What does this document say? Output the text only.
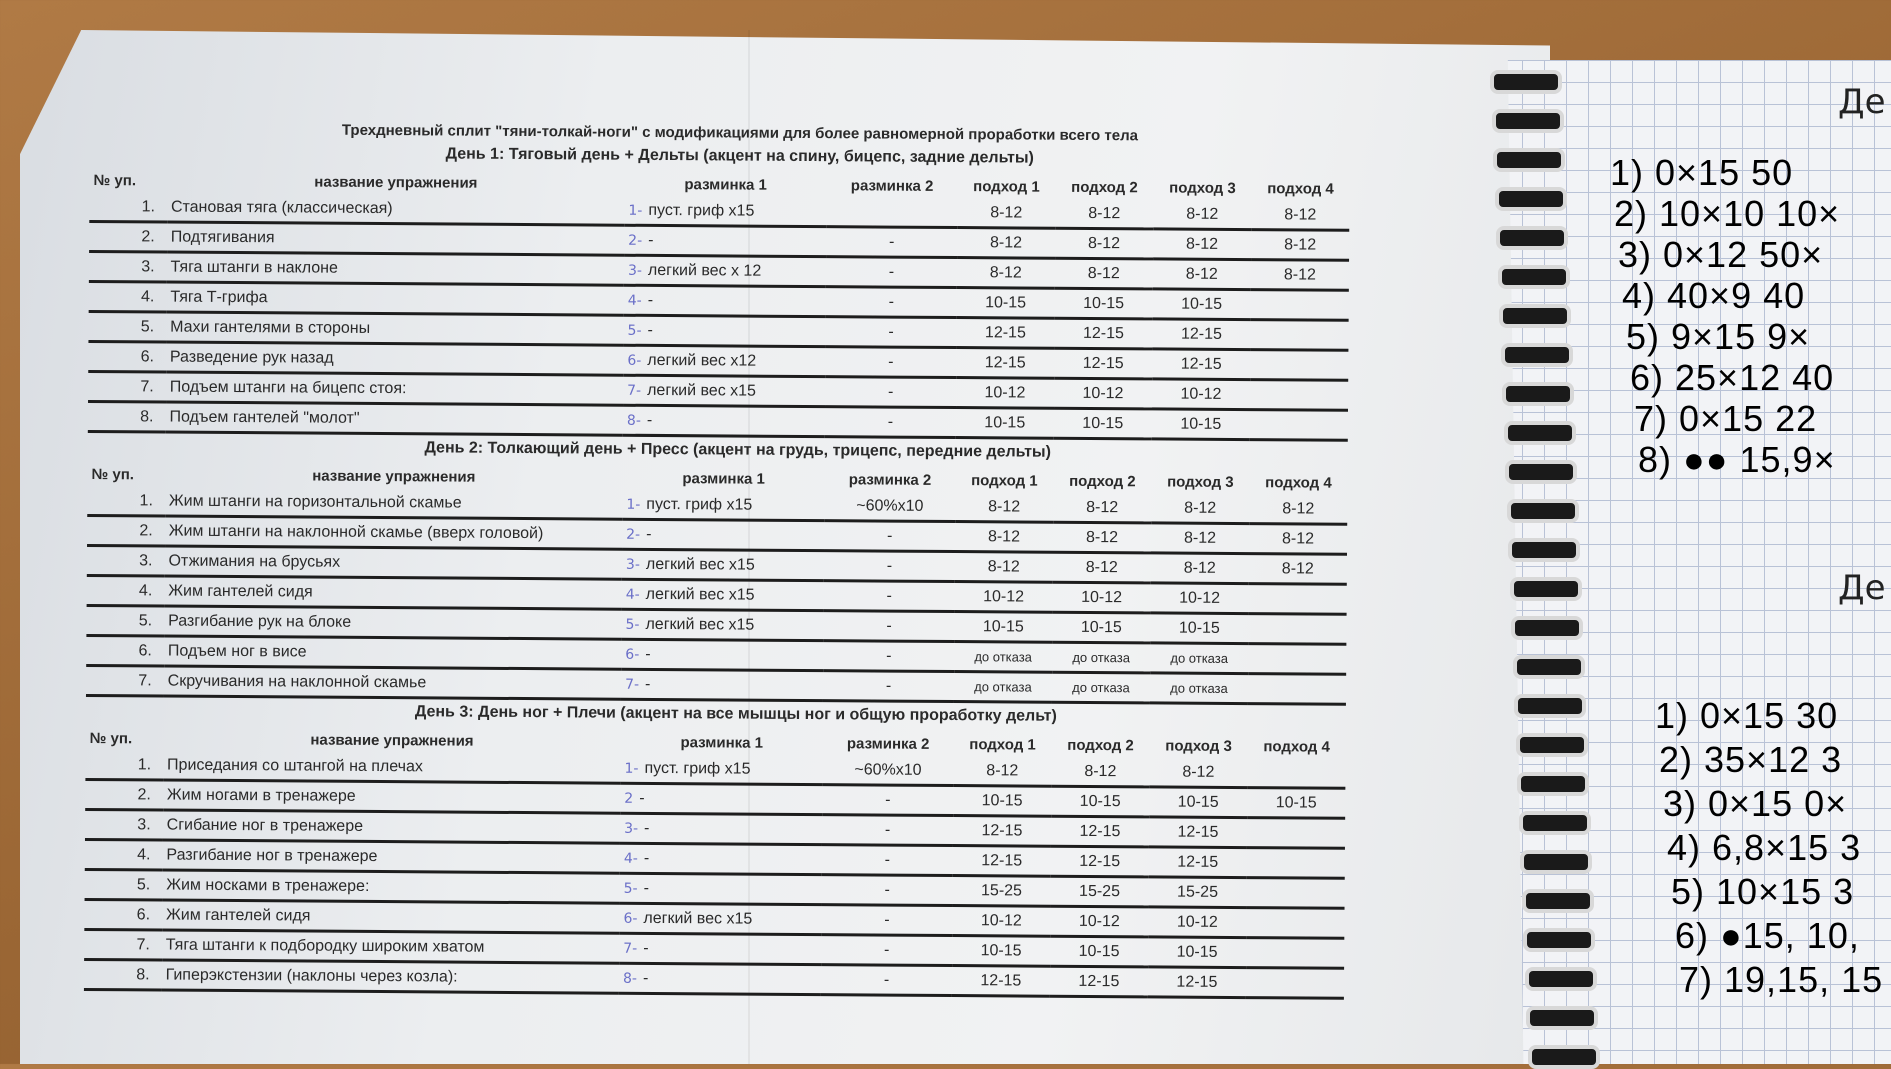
Трехдневный сплит "тяни-толкай-ноги" с модификациями для более равномерной проработки всего тела
День 1: Тяговый день + Дельты (акцент на спину, бицепс, задние дельты)
№ уп.	название упражнения	разминка 1	разминка 2	подход 1	подход 2	подход 3	подход 4
1.	Становая тяга (классическая)	1- пуст. гриф x15		8-12	8-12	8-12	8-12
2.	Подтягивания	2- -	-	8-12	8-12	8-12	8-12
3.	Тяга штанги в наклоне	3- легкий вес x 12	-	8-12	8-12	8-12	8-12
4.	Тяга Т-грифа	4- -	-	10-15	10-15	10-15	
5.	Махи гантелями в стороны	5- -	-	12-15	12-15	12-15	
6.	Разведение рук назад	6- легкий вес x12	-	12-15	12-15	12-15	
7.	Подъем штанги на бицепс стоя:	7- легкий вес x15	-	10-12	10-12	10-12	
8.	Подъем гантелей "молот"	8- -	-	10-15	10-15	10-15	
День 2: Толкающий день + Пресс (акцент на грудь, трицепс, передние дельты)
№ уп.	название упражнения	разминка 1	разминка 2	подход 1	подход 2	подход 3	подход 4
1.	Жим штанги на горизонтальной скамье	1- пуст. гриф x15	~60%x10	8-12	8-12	8-12	8-12
2.	Жим штанги на наклонной скамье (вверх головой)	2- -	-	8-12	8-12	8-12	8-12
3.	Отжимания на брусьях	3- легкий вес x15	-	8-12	8-12	8-12	8-12
4.	Жим гантелей сидя	4- легкий вес x15	-	10-12	10-12	10-12	
5.	Разгибание рук на блоке	5- легкий вес x15	-	10-15	10-15	10-15	
6.	Подъем ног в висе	6- -	-	до отказа	до отказа	до отказа	
7.	Скручивания на наклонной скамье	7- -	-	до отказа	до отказа	до отказа	
День 3: День ног + Плечи (акцент на все мышцы ног и общую проработку дельт)
№ уп.	название упражнения	разминка 1	разминка 2	подход 1	подход 2	подход 3	подход 4
1.	Приседания со штангой на плечах	1- пуст. гриф x15	~60%x10	8-12	8-12	8-12	
2.	Жим ногами в тренажере	2 -	-	10-15	10-15	10-15	10-15
3.	Сгибание ног в тренажере	3- -	-	12-15	12-15	12-15	
4.	Разгибание ног в тренажере	4- -	-	12-15	12-15	12-15	
5.	Жим носками в тренажере:	5- -	-	15-25	15-25	15-25	
6.	Жим гантелей сидя	6- легкий вес x15	-	10-12	10-12	10-12	
7.	Тяга штанги к подбородку широким хватом	7- -	-	10-15	10-15	10-15	
8.	Гиперэкстензии (наклоны через козла):	8- -	-	12-15	12-15	12-15	
Де
Де
1) 0×15 50
2) 10×10 10×
3) 0×12 50×
4) 40×9 40
5) 9×15 9×
6) 25×12 40
7) 0×15 22
8) ●● 15,9×
1) 0×15 30
2) 35×12 3
3) 0×15 0×
4) 6,8×15 3
5) 10×15 3
6) ●15, 10,
7) 19,15, 15
